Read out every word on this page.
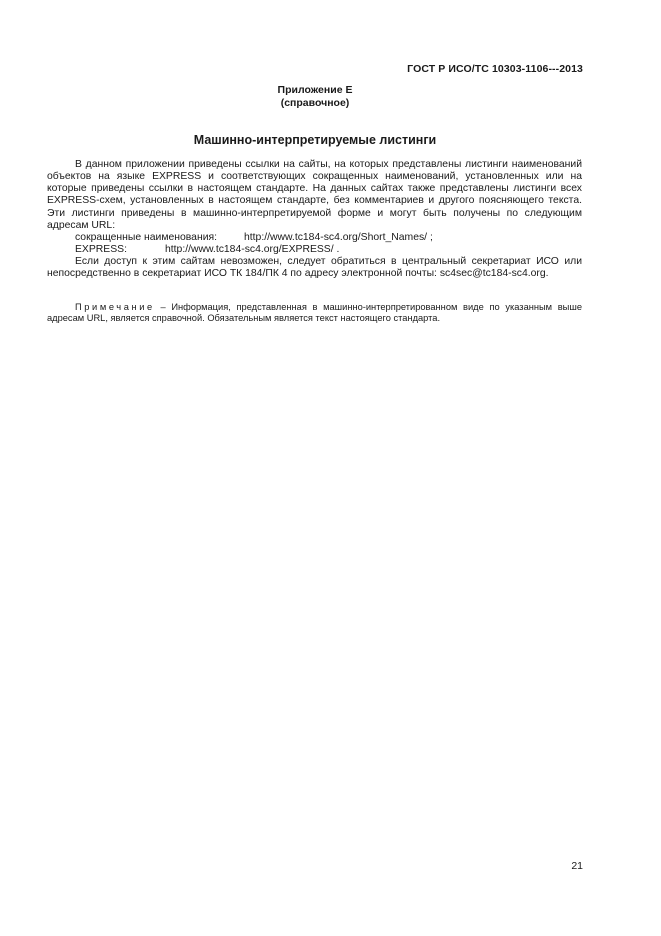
ГОСТ Р ИСО/ТС 10303-1106---2013
Приложение Е
(справочное)
Машинно-интерпретируемые листинги

В данном приложении приведены ссылки на сайты, на которых представлены листинги наименований объектов на языке EXPRESS и соответствующих сокращенных наименований, установленных или на которые приведены ссылки в настоящем стандарте. На данных сайтах также представлены листинги всех EXPRESS-схем, установленных в настоящем стандарте, без комментариев и другого поясняющего текста. Эти листинги приведены в машинно-интерпретируемой форме и могут быть получены по следующим адресам URL:

сокращенные наименования:	http://www.tc184-sc4.org/Short_Names/ ;

EXPRESS:	http://www.tc184-sc4.org/EXPRESS/ .

Если доступ к этим сайтам невозможен, следует обратиться в центральный секретариат ИСО или непосредственно в секретариат ИСО ТК 184/ПК 4 по адресу электронной почты: sc4sec@tc184-sc4.org.

Примечание – Информация, представленная в машинно-интерпретированном виде по указанным выше адресам URL, является справочной. Обязательным является текст настоящего стандарта.

21
